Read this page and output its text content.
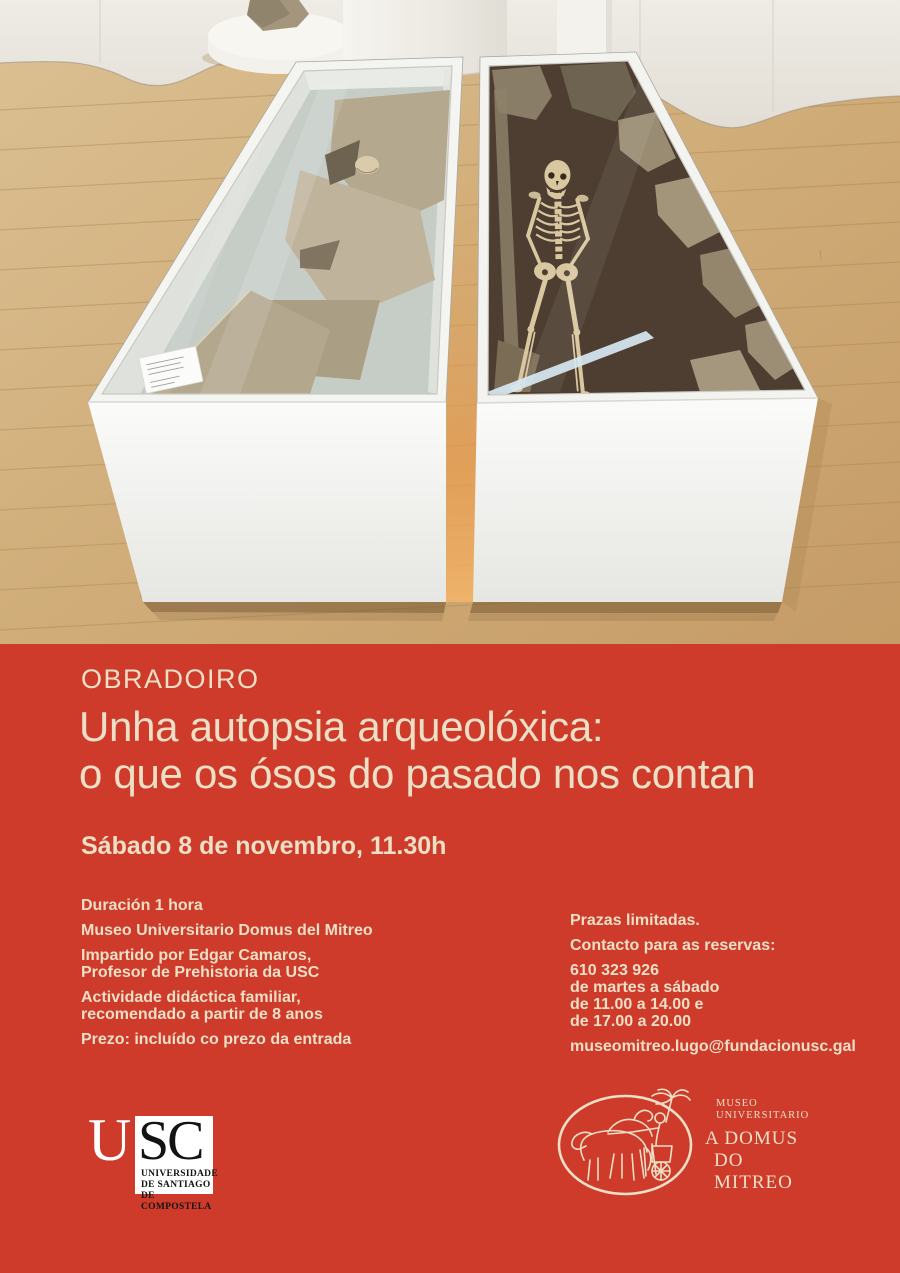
OBRADOIRO
Unha autopsia arqueolóxica:
o que os ósos do pasado nos contan
Sábado 8 de novembro, 11.30h

Duración 1 hora

Museo Universitario Domus del Mitreo

Impartido por Edgar Camaros,
Profesor de Prehistoria da USC

Actividade didáctica familiar,
recomendado a partir de 8 anos

Prezo: incluído co prezo da entrada

Prazas limitadas.

Contacto para as reservas:

610 323 926
de martes a sábado
de 11.00 a 14.00 e
de 17.00 a 20.00

museomitreo.lugo@fundacionusc.gal

U SC
UNIVERSIDADE
DE SANTIAGO
DE COMPOSTELA
MUSEO
UNIVERSITARIO
A DOMUS
DO
MITREO
